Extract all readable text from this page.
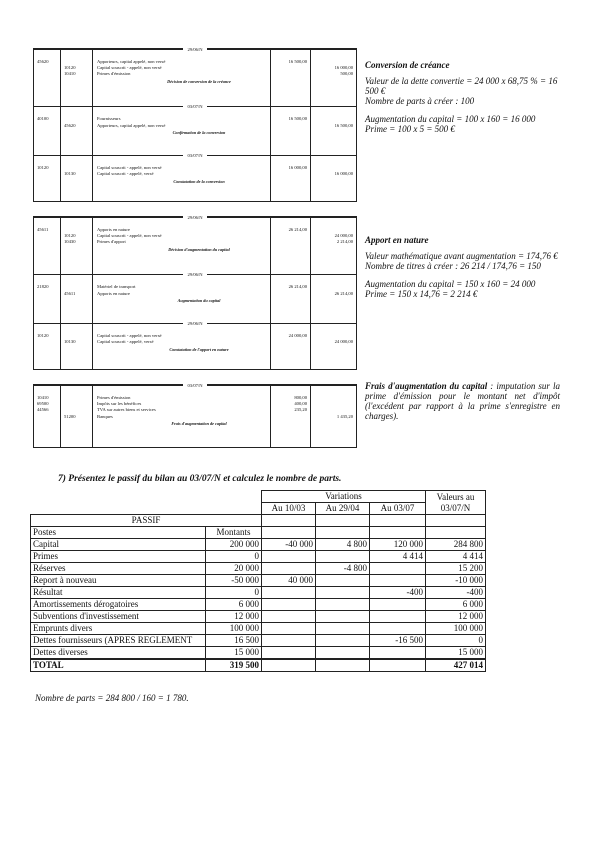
29/06/N
45620	Apporteurs, capital appelé, non versé	16 500,00
10120	Capital souscrit - appelé, non versé	16 000,00
10410	Primes d'émission	500,00
Décision de conversion de la créance
03/07/N
40100	Fournisseurs	16 500,00
45620	Apporteurs, capital appelé, non versé	16 500,00
Confirmation de la conversion
03/07/N
10120	Capital souscrit - appelé, non versé	16 000,00
10130	Capital souscrit - appelé, versé	16 000,00
Constatation de la conversion

Conversion de créance

Valeur de la dette convertie = 24 000 x 68,75 % = 16 500 €

Nombre de parts à créer : 100

Augmentation du capital = 100 x 160 = 16 000

Prime = 100 x 5 = 500 €

29/06/N
45611	Apports en nature	26 214,00
10120	Capital souscrit - appelé, non versé	24 000,00
10430	Primes d'apport	2 214,00
Décision d'augmentation du capital
29/06/N
21820	Matériel de transport	26 214,00
45611	Apports en nature	26 214,00
Augmentation du capital
29/06/N
10120	Capital souscrit - appelé, non versé	24 000,00
10130	Capital souscrit - appelé, versé	24 000,00
Constatation de l'apport en nature

Apport en nature

Valeur mathématique avant augmentation = 174,76 €

Nombre de titres à créer : 26 214 / 174,76 = 150

Augmentation du capital = 150 x 160 = 24 000

Prime = 150 x 14,76 = 2 214 €

03/07/N
10410	Primes d'émission	800,00
69500	Impôts sur les bénéfices	400,00
44566	TVA sur autres biens et services	235,20
51200	Banques	1 435,20
Frais d'augmentation de capital
Frais d'augmentation du capital : imputation sur la prime d'émission pour le montant net d'impôt (l'excédent par rapport à la prime s'enregistre en charges).
7) Présentez le passif du bilan au 03/07/N et calculez le nombre de parts.
		Variations			Valeurs au 03/07/N
		Au 10/03	Au 29/04	Au 03/07	
PASSIF					
Postes	Montants				
Capital	200 000	-40 000	4 800	120 000	284 800
Primes	0			4 414	4 414
Réserves	20 000		-4 800		15 200
Report à nouveau	-50 000	40 000			-10 000
Résultat	0			-400	-400
Amortissements dérogatoires	6 000				6 000
Subventions d'investissement	12 000				12 000
Emprunts divers	100 000				100 000
Dettes fournisseurs (APRES REGLEMENT	16 500			-16 500	0
Dettes diverses	15 000				15 000
TOTAL	319 500				427 014
Nombre de parts = 284 800 / 160 = 1 780.
